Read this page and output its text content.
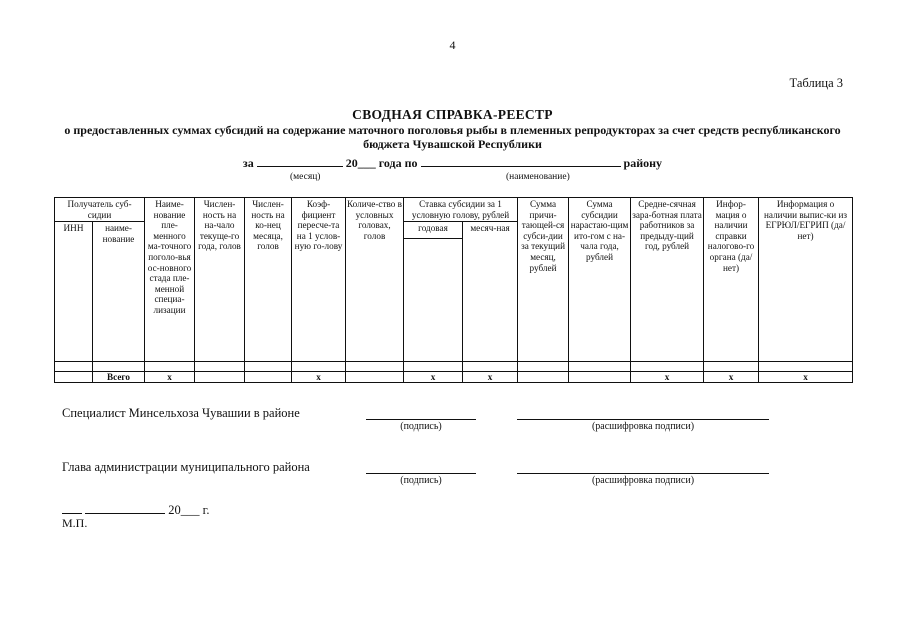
4
Таблица 3
СВОДНАЯ СПРАВКА-РЕЕСТР
о предоставленных суммах субсидий на содержание маточного поголовья рыбы в племенных репродукторах за счет средств республиканского бюджета Чувашской Республики
за	20___ года по	району
(месяц)	(наименование)
Получатель суб-сидии		Наиме-нование пле-менного ма-точного поголо-вья ос-новного стада пле-менной специа-лизации	Числен-ность на на-чало текуще-го года, голов	Числен-ность на ко-нец месяца, голов	Коэф-фициент пересче-та на 1 услов-ную го-лову	Количе-ство в условных головах, голов	Ставка субсидии за 1 условную голову, рублей		Сумма причи-тающей-ся субси-дии за текущий месяц, рублей	Сумма субсидии нарастаю-щим ито-гом с на-чала года, рублей	Средне-сячная зара-ботная плата работников за предыду-щий год, рублей	Инфор-мация о наличии справки налогово-го органа (да/нет)	Информация о наличии выпис-ки из ЕГРЮЛ/ЕГРИП (да/нет)
ИНН	наиме-нование						годовая	месяч-ная					

	Всего	x			x		x	x			x	x	x
Специалист Минсельхоза Чувашии в районе
(подпись)	(расшифровка подписи)
Глава администрации муниципального района
(подпись)	(расшифровка подписи)
20___ г.
М.П.
